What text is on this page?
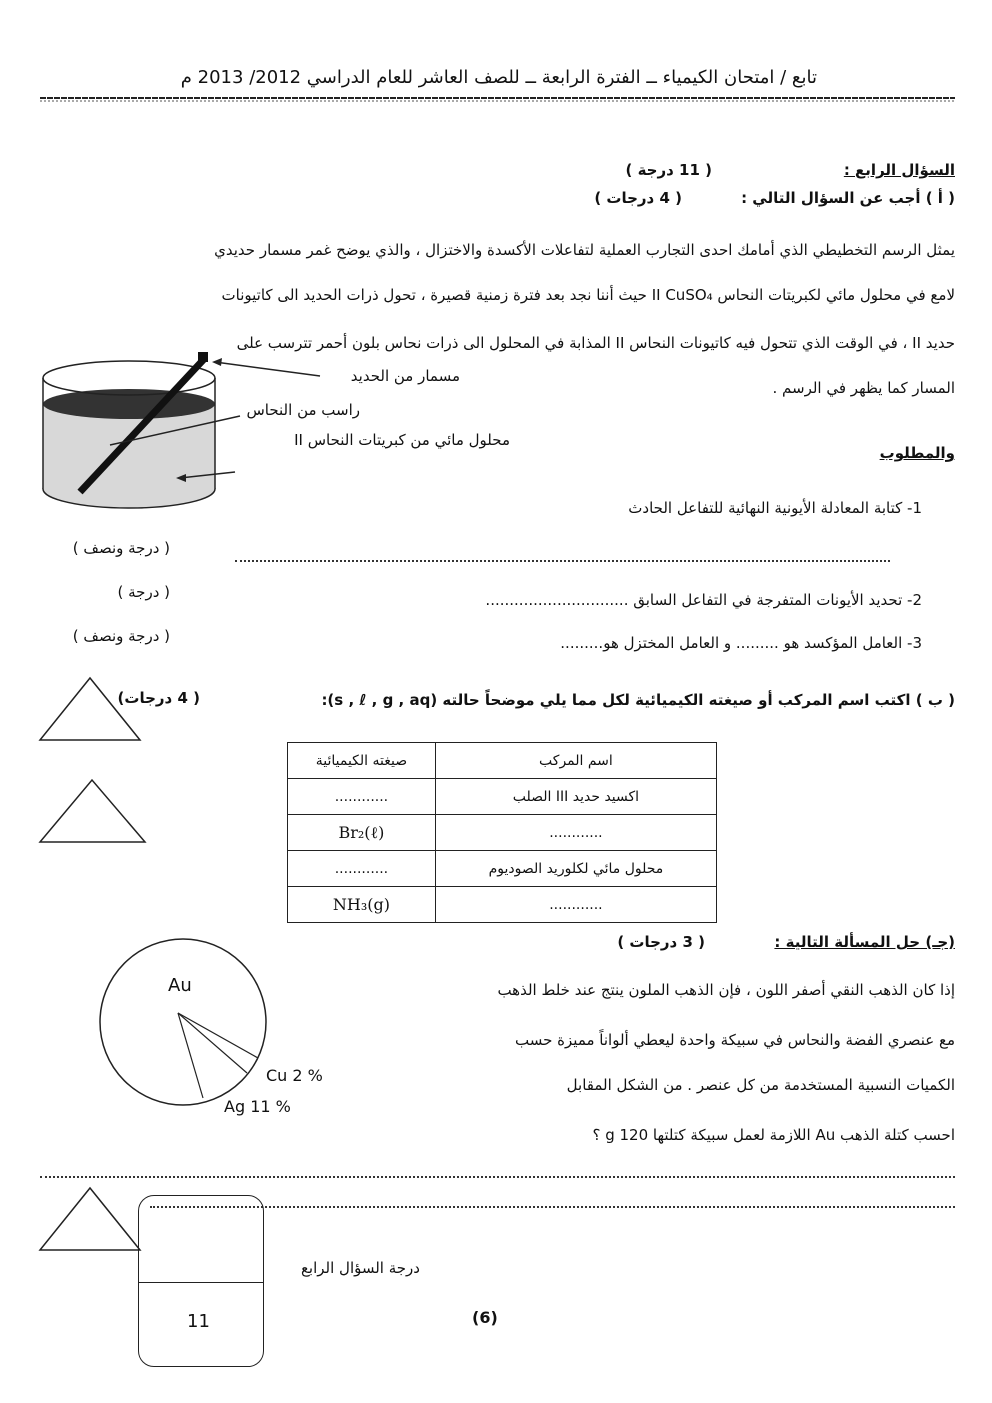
تابع / امتحان الكيمياء ــ الفترة الرابعة ــ للصف العاشر للعام الدراسي 2012/ 2013 م
السؤال الرابع :
( 11 درجة )
( أ ) أجب عن السؤال التالي :
( 4 درجات )
يمثل الرسم التخطيطي الذي أمامك احدى التجارب العملية لتفاعلات الأكسدة والاختزال ، والذي يوضح غمر مسمار حديدي
لامع في محلول مائي لكبريتات النحاس II CuSO₄ حيث أننا نجد بعد فترة زمنية قصيرة ، تحول ذرات الحديد الى كاتيونات
حديد II ، في الوقت الذي تتحول فيه كاتيونات النحاس II المذابة في المحلول الى ذرات نحاس بلون أحمر تترسب على
المسار كما يظهر في الرسم .
مسمار من الحديد
راسب من النحاس
محلول مائي من كبريتات النحاس II
والمطلوب
1- كتابة المعادلة الأيونية النهائية للتفاعل الحادث
( درجة ونصف )
2- تحديد الأيونات المتفرجة في التفاعل السابق ..............................
( درجة )
3- العامل المؤكسد هو ......... و العامل المختزل هو.........
( درجة ونصف )
( ب ) اكتب اسم المركب أو صيغته الكيميائية لكل مما يلي موضحاً حالته (s , ℓ , g , aq):
( 4 درجات)
اسم المركب	صيغته الكيميائية
اكسيد حديد III الصلب	............
............	Br₂(ℓ)
محلول مائي لكلوريد الصوديوم	............
............	NH₃(g)
(جـ) حل المسألة التالية :
( 3 درجات )
إذا كان الذهب النقي أصفر اللون ، فإن الذهب الملون ينتج عند خلط الذهب
مع عنصري الفضة والنحاس في سبيكة واحدة ليعطي ألواناً مميزة حسب
الكميات النسبية المستخدمة من كل عنصر . من الشكل المقابل
احسب كتلة الذهب Au اللازمة لعمل سبيكة كتلتها 120 g ؟
Au
Cu 2 %
Ag 11 %
11
درجة السؤال الرابع
(6)
